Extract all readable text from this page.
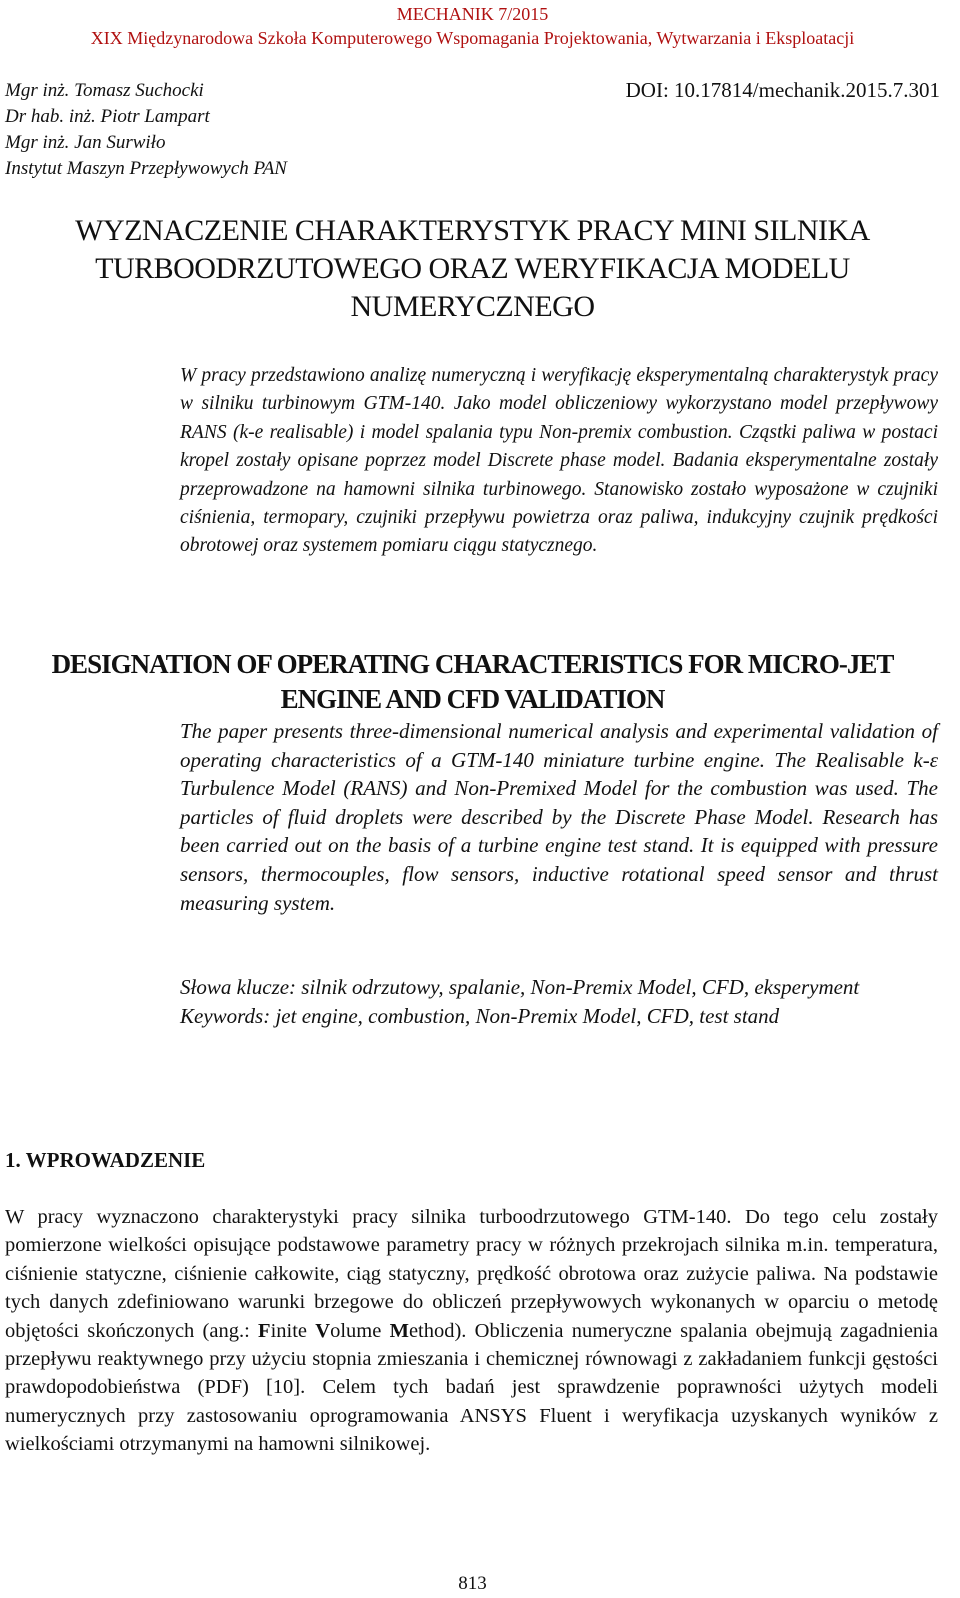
MECHANIK 7/2015
XIX Międzynarodowa Szkoła Komputerowego Wspomagania Projektowania, Wytwarzania i Eksploatacji
Mgr inż. Tomasz Suchocki
Dr hab. inż. Piotr Lampart
Mgr inż. Jan Surwiło
Instytut Maszyn Przepływowych PAN
DOI: 10.17814/mechanik.2015.7.301
WYZNACZENIE CHARAKTERYSTYK PRACY MINI SILNIKA TURBOODRZUTOWEGO ORAZ WERYFIKACJA MODELU NUMERYCZNEGO
W pracy przedstawiono analizę numeryczną i weryfikację eksperymentalną charakterystyk pracy w silniku turbinowym GTM-140. Jako model obliczeniowy wykorzystano model przepływowy RANS (k-e realisable) i model spalania typu Non-premix combustion. Cząstki paliwa w postaci kropel zostały opisane poprzez model Discrete phase model. Badania eksperymentalne zostały przeprowadzone na hamowni silnika turbinowego. Stanowisko zostało wyposażone w czujniki ciśnienia, termopary, czujniki przepływu powietrza oraz paliwa, indukcyjny czujnik prędkości obrotowej oraz systemem pomiaru ciągu statycznego.
DESIGNATION OF OPERATING CHARACTERISTICS FOR MICRO-JET ENGINE AND CFD VALIDATION
The paper presents three-dimensional numerical analysis and experimental validation of operating characteristics of a GTM-140 miniature turbine engine. The Realisable k-ε Turbulence Model (RANS) and Non-Premixed Model for the combustion was used. The particles of fluid droplets were described by the Discrete Phase Model. Research has been carried out on the basis of a turbine engine test stand. It is equipped with pressure sensors, thermocouples, flow sensors, inductive rotational speed sensor and thrust measuring system.
Słowa klucze: silnik odrzutowy, spalanie, Non-Premix Model, CFD, eksperyment
Keywords: jet engine, combustion, Non-Premix Model, CFD, test stand
1. WPROWADZENIE
W pracy wyznaczono charakterystyki pracy silnika turboodrzutowego GTM-140. Do tego celu zostały pomierzone wielkości opisujące podstawowe parametry pracy w różnych przekrojach silnika m.in. temperatura, ciśnienie statyczne, ciśnienie całkowite, ciąg statyczny, prędkość obrotowa oraz zużycie paliwa. Na podstawie tych danych zdefiniowano warunki brzegowe do obliczeń przepływowych wykonanych w oparciu o metodę objętości skończonych (ang.: Finite Volume Method). Obliczenia numeryczne spalania obejmują zagadnienia przepływu reaktywnego przy użyciu stopnia zmieszania i chemicznej równowagi z zakładaniem funkcji gęstości prawdopodobieństwa (PDF) [10]. Celem tych badań jest sprawdzenie poprawności użytych modeli numerycznych przy zastosowaniu oprogramowania ANSYS Fluent i weryfikacja uzyskanych wyników z wielkościami otrzymanymi na hamowni silnikowej.
813
